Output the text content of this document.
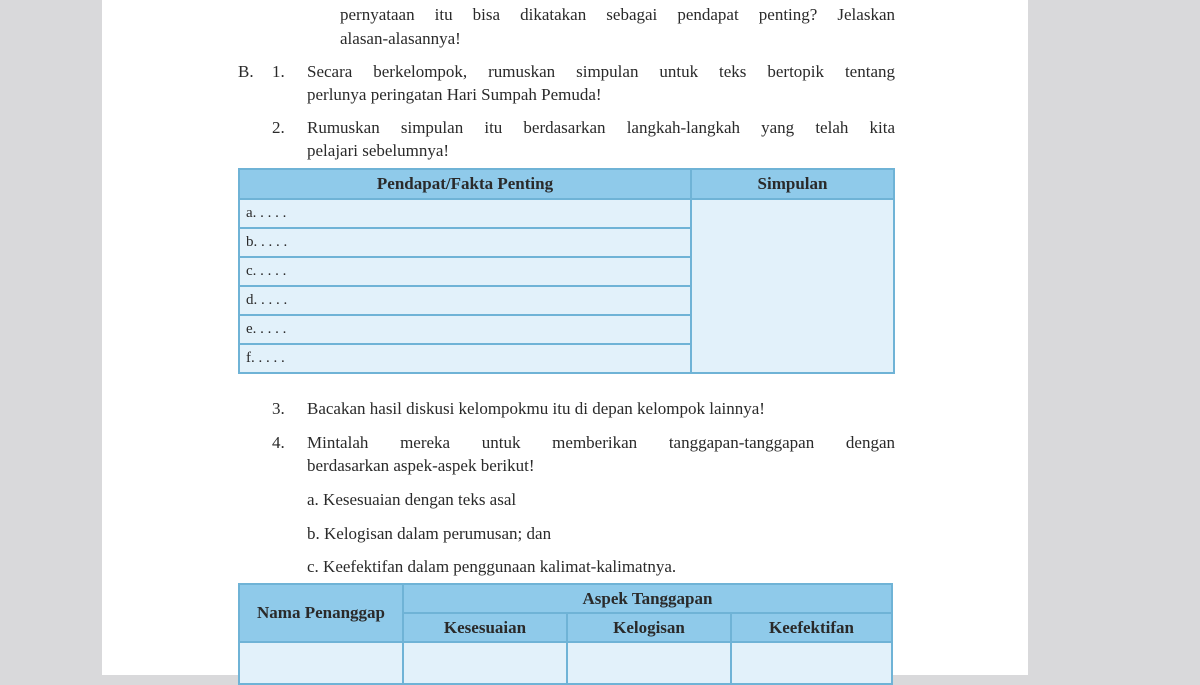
pernyataan itu bisa dikatakan sebagai pendapat penting? Jelaskan
alasan-alasannya!
B. 1. Secara berkelompok, rumuskan simpulan untuk teks bertopik tentang
perlunya peringatan Hari Sumpah Pemuda!
2. Rumuskan simpulan itu berdasarkan langkah-langkah yang telah kita
pelajari sebelumnya!
Pendapat/Fakta Penting	Simpulan
a. . . . .	
b. . . . .	
c. . . . .	
d. . . . .	
e. . . . .	
f. . . . .	
3. Bacakan hasil diskusi kelompokmu itu di depan kelompok lainnya!
4. Mintalah mereka untuk memberikan tanggapan-tanggapan dengan
berdasarkan aspek-aspek berikut!
a. Kesesuaian dengan teks asal
b. Kelogisan dalam perumusan; dan
c. Keefektifan dalam penggunaan kalimat-kalimatnya.
Nama Penanggap	Aspek Tanggapan		
	Kesesuaian	Kelogisan	Keefektifan
